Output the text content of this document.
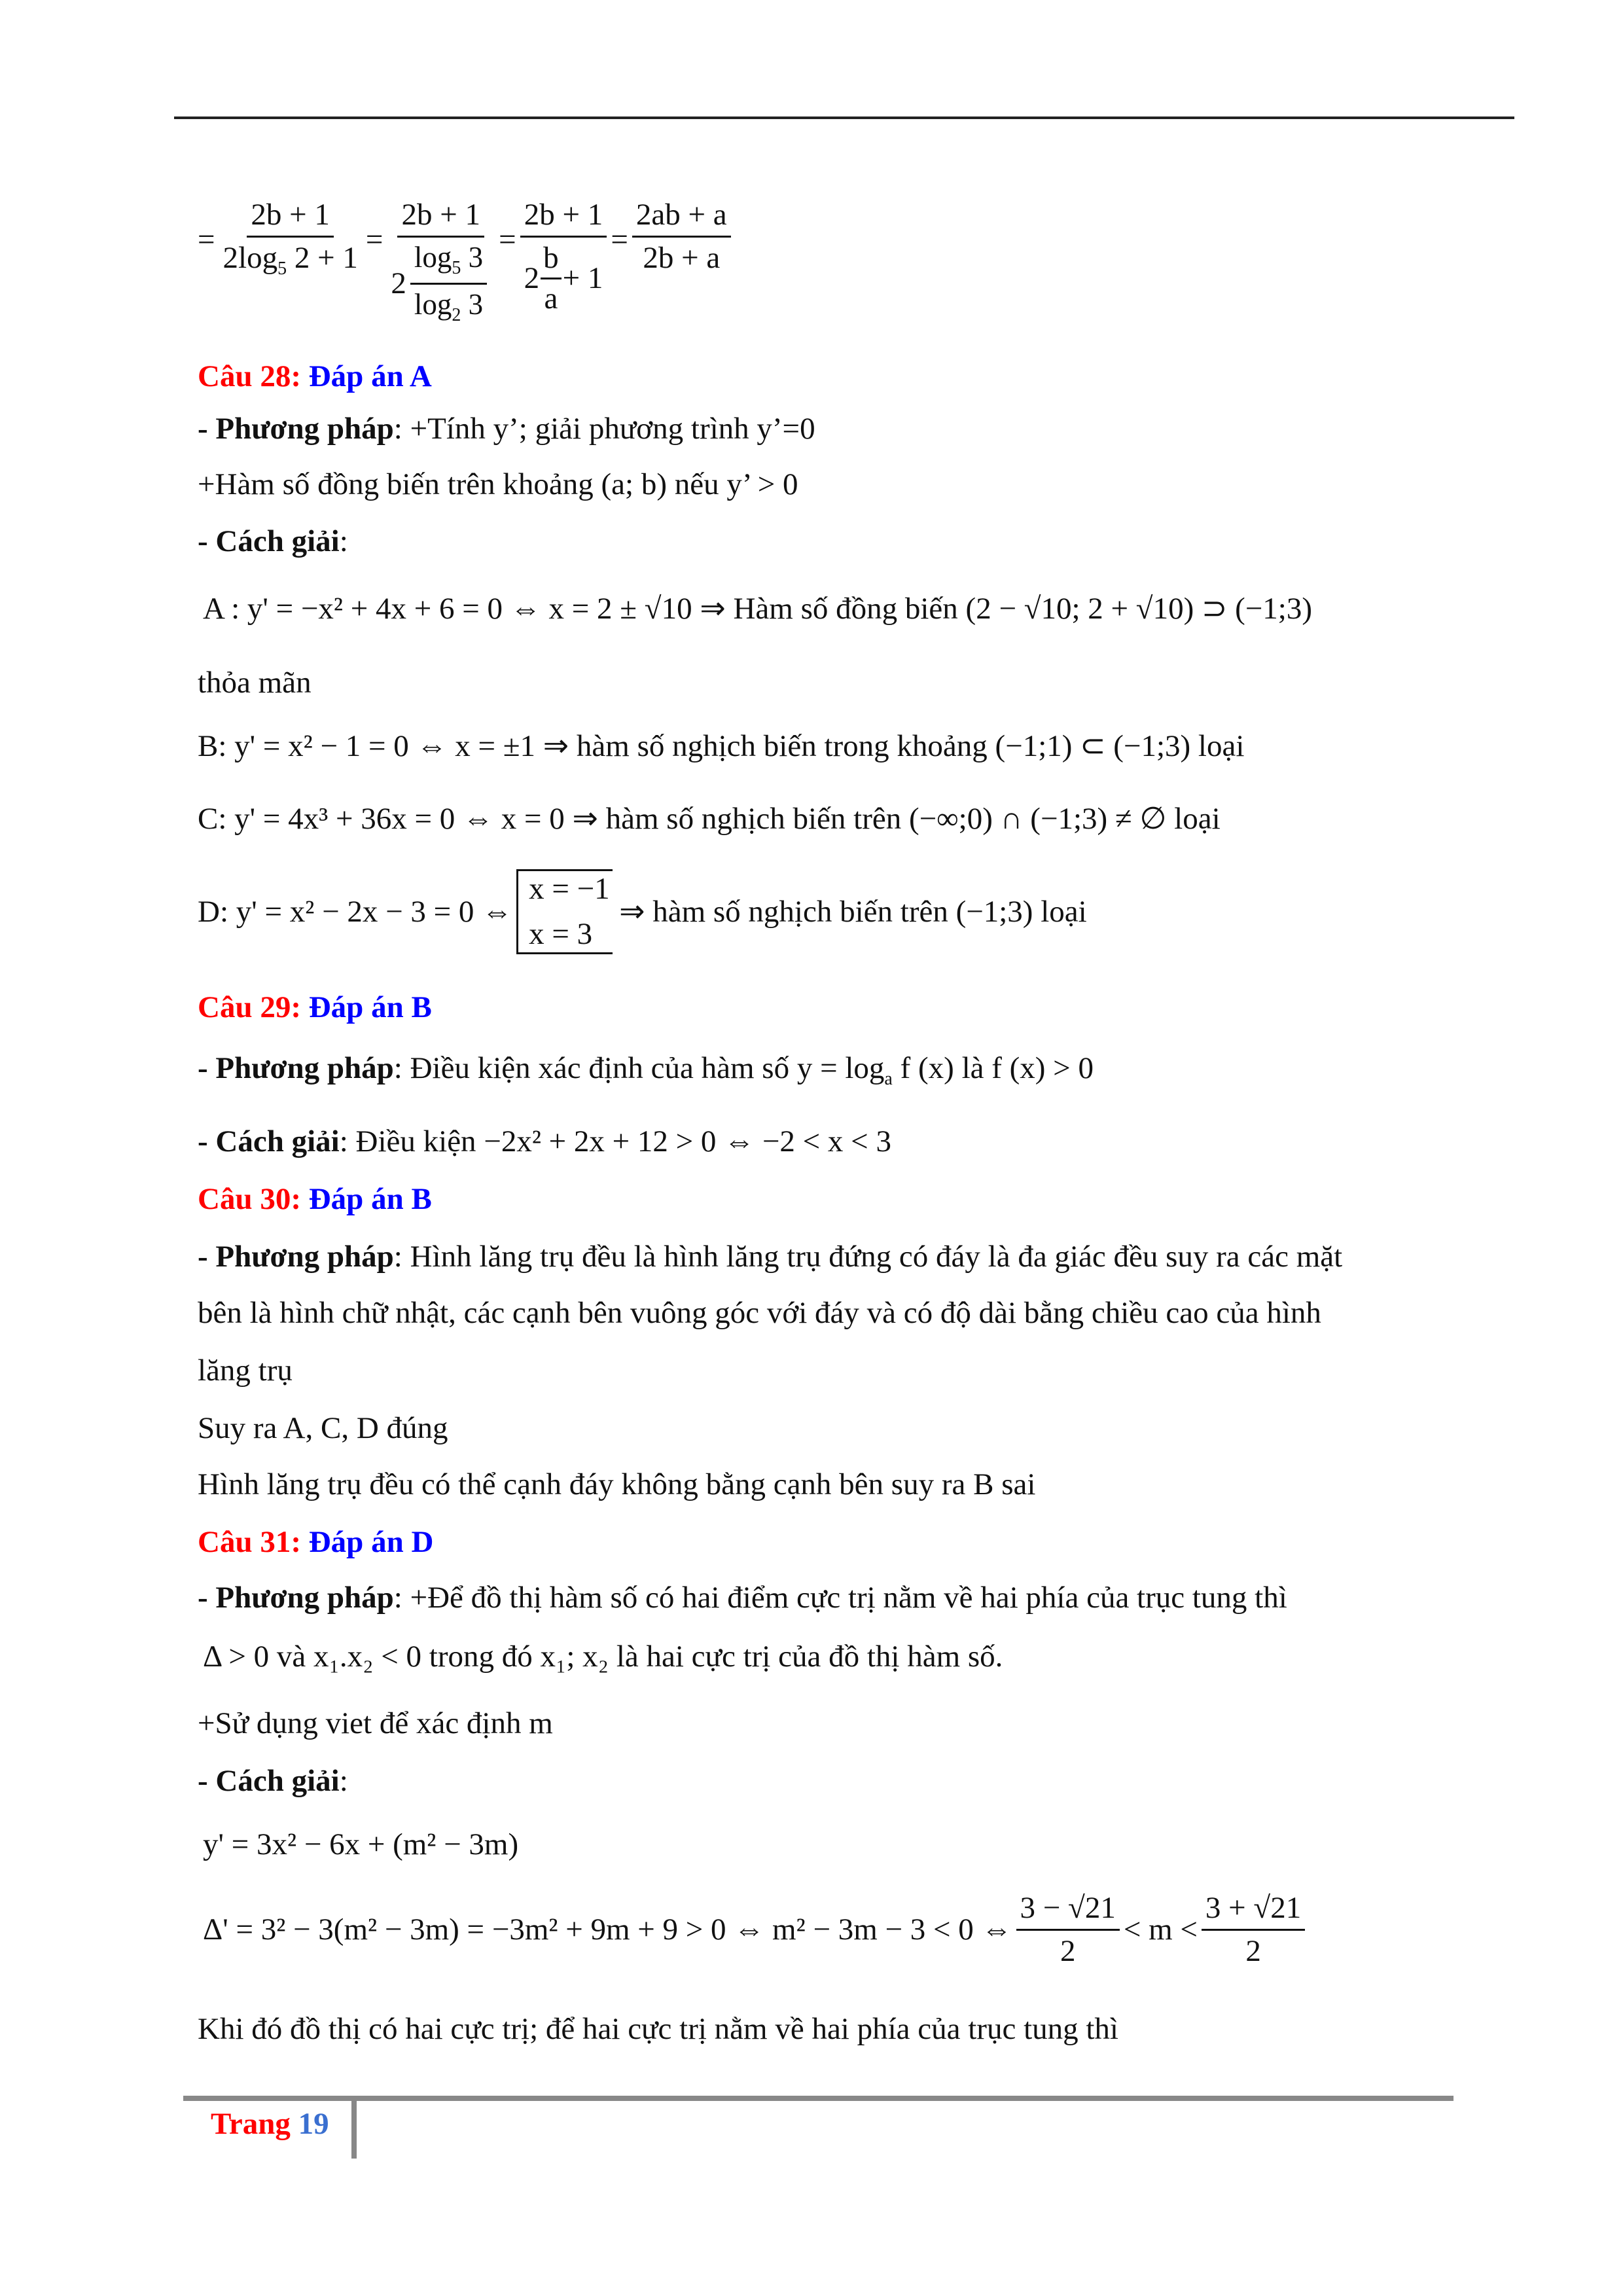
= $\frac{2b + 1}{2\log_5 2 + 1} = \frac{2b + 1}{2 \frac{\log_5 3}{\log_2 3}} = \frac{2b + 1}{2 \frac{b}{a} + 1} = \frac{2ab + a}{2b + a}$
Câu 28: Đáp án A
- Phương pháp: +Tính y’; giải phương trình y’=0
+Hàm số đồng biến trên khoảng (a; b) nếu y’ > 0
- Cách giải:
A : y' = −x² + 4x + 6 = 0 ⇔ x = 2 ± √10 ⇒ Hàm số đồng biến (2 − √10; 2 + √10) ⊃ (−1;3)
thỏa mãn
B: y' = x² − 1 = 0 ⇔ x = ±1 ⇒ hàm số nghịch biến trong khoảng (−1;1) ⊂ (−1;3) loại
C: y' = 4x³ + 36x = 0 ⇔ x = 0 ⇒ hàm số nghịch biến trên (−∞;0) ∩ (−1;3) ≠ ∅ loại
D: y' = x² − 2x − 3 = 0 ⇔
x = −1
x = 3
⇒ hàm số nghịch biến trên (−1;3) loại
Câu 29: Đáp án B
- Phương pháp: Điều kiện xác định của hàm số $y = \log_a f$ (x) là f (x) > 0
- Cách giải: Điều kiện −2x² + 2x + 12 > 0 ⇔ −2 < x < 3
Câu 30: Đáp án B
- Phương pháp: Hình lăng trụ đều là hình lăng trụ đứng có đáy là đa giác đều suy ra các mặt
bên là hình chữ nhật, các cạnh bên vuông góc với đáy và có độ dài bằng chiều cao của hình
lăng trụ
Suy ra A, C, D đúng
Hình lăng trụ đều có thể cạnh đáy không bằng cạnh bên suy ra B sai
Câu 31: Đáp án D
- Phương pháp: +Để đồ thị hàm số có hai điểm cực trị nằm về hai phía của trục tung thì
Δ > 0 và x₁.x₂ < 0 trong đó x₁; x₂ là hai cực trị của đồ thị hàm số.
+Sử dụng viet để xác định m
- Cách giải:
y' = 3x² − 6x + (m² − 3m)
Δ' = 3² − 3(m² − 3m) = −3m² + 9m + 9 > 0 ⇔ m² − 3m − 3 < 0 ⇔ $\frac{3 - √21}{2} < m < \frac{3 + √21}{2}$
Khi đó đồ thị có hai cực trị; để hai cực trị nằm về hai phía của trục tung thì
Trang 19
